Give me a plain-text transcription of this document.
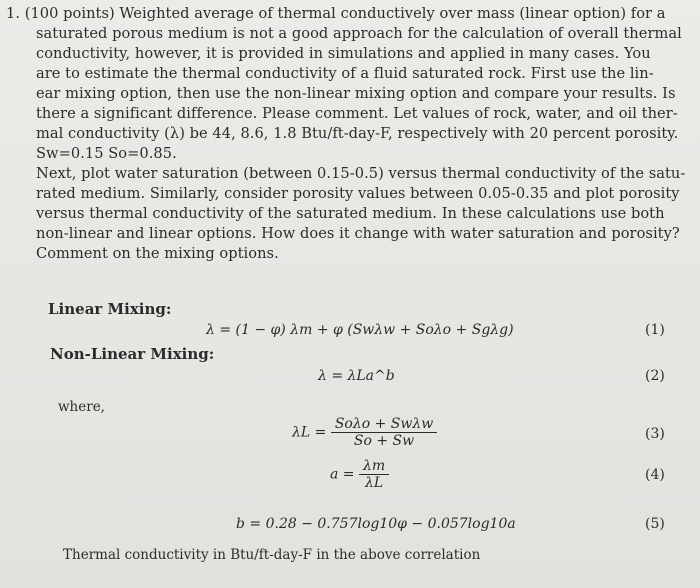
1. (100 points) Weighted average of thermal conductively over mass (linear option) for a
saturated porous medium is not a good approach for the calculation of overall thermal
conductivity, however, it is provided in simulations and applied in many cases. You
are to estimate the thermal conductivity of a fluid saturated rock. First use the lin-
ear mixing option, then use the non-linear mixing option and compare your results. Is
there a significant difference. Please comment. Let values of rock, water, and oil ther-
mal conductivity (λ) be 44, 8.6, 1.8 Btu/ft-day-F, respectively with 20 percent porosity.
Sw=0.15 So=0.85.
Next, plot water saturation (between 0.15-0.5) versus thermal conductivity of the satu-
rated medium. Similarly, consider porosity values between 0.05-0.35 and plot porosity
versus thermal conductivity of the saturated medium. In these calculations use both
non-linear and linear options. How does it change with water saturation and porosity?
Comment on the mixing options.
Linear Mixing:
λ = (1 − φ) λm + φ (Swλw + Soλo + Sgλg)	(1)
Non-Linear Mixing:
λ = λLa^b	(2)
where,
$\lambda L = \frac{\text{Soλo + Swλw}}{So + Sw}$	(3)
$a = \frac{\lambda m}{\lambda L}$	(4)
b = 0.28 − 0.757log10φ − 0.057log10a	(5)
Thermal conductivity in Btu/ft-day-F in the above correlation
